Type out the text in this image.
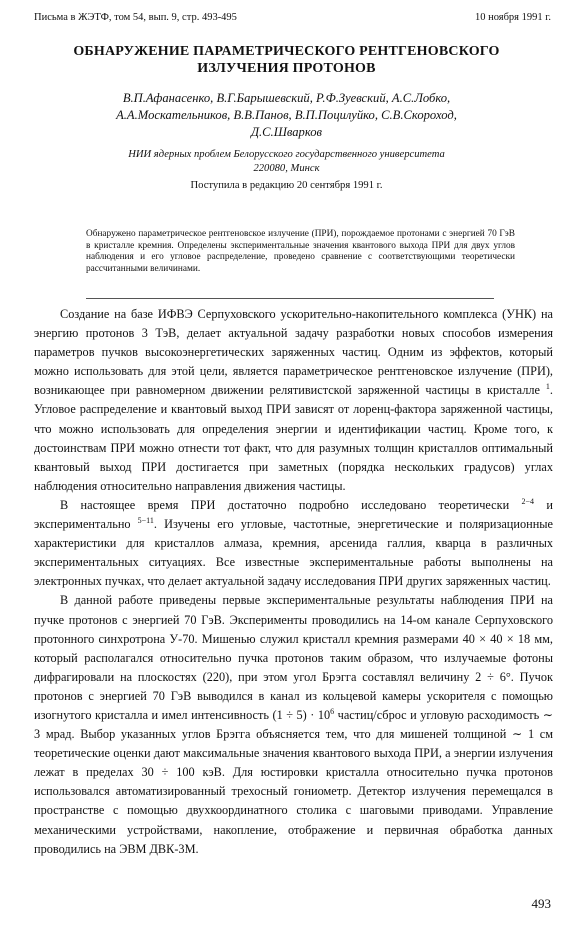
Письма в ЖЭТФ, том 54, вып. 9, стр. 493-495	10 ноября 1991 г.
ОБНАРУЖЕНИЕ ПАРАМЕТРИЧЕСКОГО РЕНТГЕНОВСКОГО
ИЗЛУЧЕНИЯ ПРОТОНОВ
В.П.Афанасенко, В.Г.Барышевский, Р.Ф.Зуевский, А.С.Лобко,
А.А.Москательников, В.В.Панов, В.П.Поцилуйко, С.В.Скороход,
Д.С.Шварков
НИИ ядерных проблем Белорусского государственного университета
220080, Минск
Поступила в редакцию 20 сентября 1991 г.
Обнаружено параметрическое рентгеновское излучение (ПРИ), порождаемое протонами с энергией 70 ГэВ в кристалле кремния. Определены экспериментальные значения квантового выхода ПРИ для двух углов наблюдения и его угловое распределение, проведено сравнение с соответствующими теоретически рассчитанными величинами.

Создание на базе ИФВЭ Серпуховского ускорительно-накопительного комплекса (УНК) на энергию протонов 3 ТэВ, делает актуальной задачу разработки новых способов измерения параметров пучков высокоэнергетических заряженных частиц. Одним из эффектов, который можно использовать для этой цели, является параметрическое рентгеновское излучение (ПРИ), возникающее при равномерном движении релятивистской заряженной частицы в кристалле $^1$. Угловое распределение и квантовый выход ПРИ зависят от лоренц-фактора заряженной частицы, что можно использовать для определения энергии и идентификации частиц. Кроме того, к достоинствам ПРИ можно отнести тот факт, что для разумных толщин кристаллов оптимальный квантовый выход ПРИ достигается при заметных (порядка нескольких градусов) углах наблюдения относительно направления движения частицы.

В настоящее время ПРИ достаточно подробно исследовано теоретически $^{2-4}$ и экспериментально $^{5-11}$. Изучены его угловые, частотные, энергетические и поляризационные характеристики для кристаллов алмаза, кремния, арсенида галлия, кварца в различных экспериментальных ситуациях. Все известные экспериментальные работы выполнены на электронных пучках, что делает актуальной задачу исследования ПРИ других заряженных частиц.

В данной работе приведены первые экспериментальные результаты наблюдения ПРИ на пучке протонов с энергией 70 ГэВ. Эксперименты проводились на 14-ом канале Серпуховского протонного синхротрона У-70. Мишенью служил кристалл кремния размерами 40 × 40 × 18 мм, который располагался относительно пучка протонов таким образом, что излучаемые фотоны дифрагировали на плоскостях (220), при этом угол Брэгга составлял величину 2 ÷ 6°. Пучок протонов с энергией 70 ГэВ выводился в канал из кольцевой камеры ускорителя с помощью изогнутого кристалла и имел интенсивность $(1 \div 5) \cdot 10^6$ частиц/сброс и угловую расходимость ∼ 3 мрад. Выбор указанных углов Брэгга объясняется тем, что для мишеней толщиной ∼ 1 см теоретические оценки дают максимальные значения квантового выхода ПРИ, а энергии излучения лежат в пределах 30 ÷ 100 кэВ. Для юстировки кристалла относительно пучка протонов использовался автоматизированный трехосный гониометр. Детектор излучения перемещался в пространстве с помощью двухкоординатного столика с шаговыми приводами. Управление механическими устройствами, накопление, отображение и первичная обработка данных проводились на ЭВМ ДВК-3М.

493
